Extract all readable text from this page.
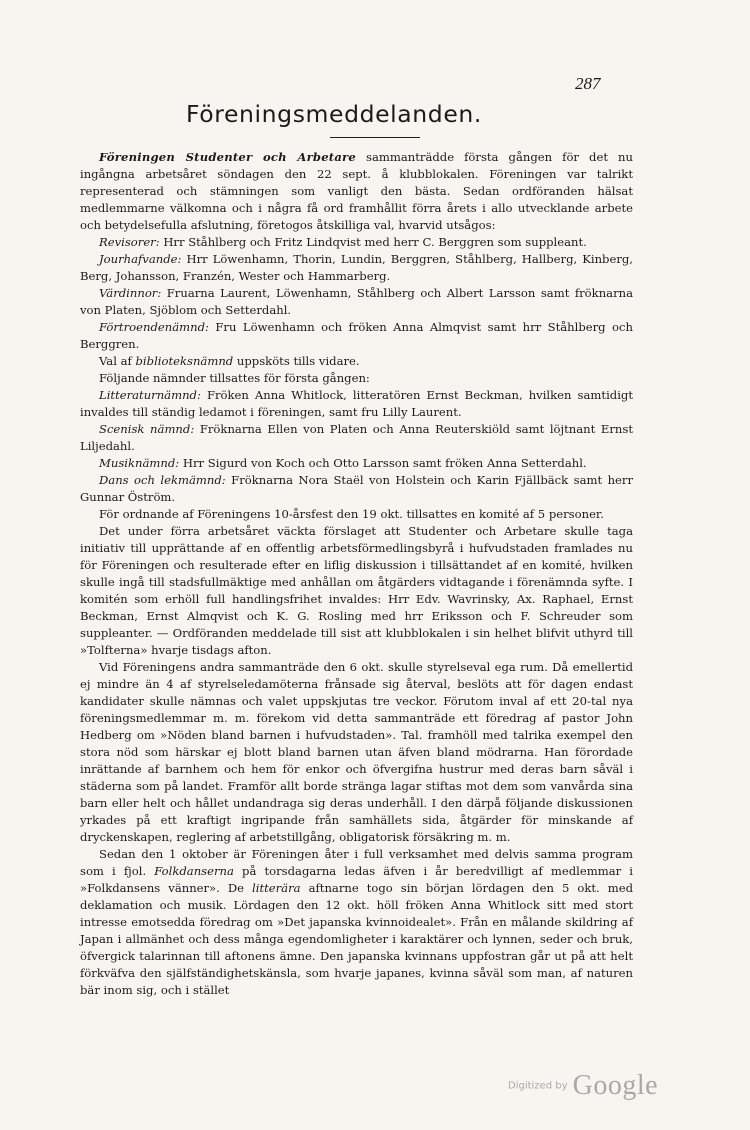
287
Föreningsmeddelanden.

Föreningen Studenter och Arbetare sammanträdde första gången för det nu ingångna arbetsåret söndagen den 22 sept. å klubblokalen. Föreningen var talrikt representerad och stämningen som vanligt den bästa. Sedan ordföranden hälsat medlemmarne välkomna och i några få ord framhållit förra årets i allo utvecklande arbete och betydelsefulla afslutning, företogos åtskilliga val, hvarvid utsågos:

Revisorer: Hrr Ståhlberg och Fritz Lindqvist med herr C. Berggren som suppleant.

Jourhafvande: Hrr Löwenhamn, Thorin, Lundin, Berggren, Ståhlberg, Hallberg, Kinberg, Berg, Johansson, Franzén, Wester och Hammarberg.

Värdinnor: Fruarna Laurent, Löwenhamn, Ståhlberg och Albert Larsson samt fröknarna von Platen, Sjöblom och Setterdahl.

Förtroendenämnd: Fru Löwenhamn och fröken Anna Almqvist samt hrr Ståhlberg och Berggren.

Val af biblioteksnämnd uppsköts tills vidare.

Följande nämnder tillsattes för första gången:

Litteraturnämnd: Fröken Anna Whitlock, litteratören Ernst Beckman, hvilken samtidigt invaldes till ständig ledamot i föreningen, samt fru Lilly Laurent.

Scenisk nämnd: Fröknarna Ellen von Platen och Anna Reuterskiöld samt löjtnant Ernst Liljedahl.

Musiknämnd: Hrr Sigurd von Koch och Otto Larsson samt fröken Anna Setterdahl.

Dans och lekmämnd: Fröknarna Nora Staël von Holstein och Karin Fjällbäck samt herr Gunnar Öström.

För ordnande af Föreningens 10-årsfest den 19 okt. tillsattes en komité af 5 personer.

Det under förra arbetsåret väckta förslaget att Studenter och Arbetare skulle taga initiativ till upprättande af en offentlig arbetsförmedlingsbyrå i hufvudstaden framlades nu för Föreningen och resulterade efter en liflig diskussion i tillsättandet af en komité, hvilken skulle ingå till stadsfullmäktige med anhållan om åtgärders vidtagande i förenämnda syfte. I komitén som erhöll full handlingsfrihet invaldes: Hrr Edv. Wavrinsky, Ax. Raphael, Ernst Beckman, Ernst Almqvist och K. G. Rosling med hrr Eriksson och F. Schreuder som suppleanter. — Ordföranden meddelade till sist att klubblokalen i sin helhet blifvit uthyrd till »Tolfterna» hvarje tisdags afton.

Vid Föreningens andra sammanträde den 6 okt. skulle styrelseval ega rum. Då emellertid ej mindre än 4 af styrelseledamöterna frånsade sig återval, beslöts att för dagen endast kandidater skulle nämnas och valet uppskjutas tre veckor. Förutom inval af ett 20-tal nya föreningsmedlemmar m. m. förekom vid detta sammanträde ett föredrag af pastor John Hedberg om »Nöden bland barnen i hufvudstaden». Tal. framhöll med talrika exempel den stora nöd som härskar ej blott bland barnen utan äfven bland mödrarna. Han förordade inrättande af barnhem och hem för enkor och öfvergifna hustrur med deras barn såväl i städerna som på landet. Framför allt borde stränga lagar stiftas mot dem som vanvårda sina barn eller helt och hållet undandraga sig deras underhåll. I den därpå följande diskussionen yrkades på ett kraftigt ingripande från samhällets sida, åtgärder för minskande af dryckenskapen, reglering af arbetstillgång, obligatorisk försäkring m. m.

Sedan den 1 oktober är Föreningen åter i full verksamhet med delvis samma program som i fjol. Folkdanserna på torsdagarna ledas äfven i år beredvilligt af medlemmar i »Folkdansens vänner». De litterära aftnarne togo sin början lördagen den 5 okt. med deklamation och musik. Lördagen den 12 okt. höll fröken Anna Whitlock sitt med stort intresse emotsedda föredrag om »Det japanska kvinnoidealet». Från en målande skildring af Japan i allmänhet och dess många egendomligheter i karaktärer och lynnen, seder och bruk, öfvergick talarinnan till aftonens ämne. Den japanska kvinnans uppfostran går ut på att helt förkväfva den själfständighetskänsla, som hvarje japanes, kvinna såväl som man, af naturen bär inom sig, och i stället

Digitized by Google
